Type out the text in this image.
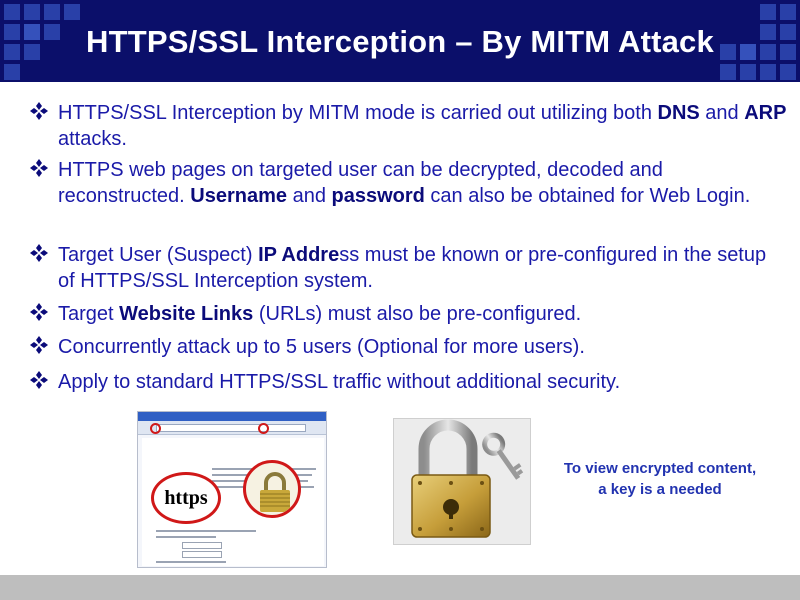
HTTPS/SSL Interception – By MITM Attack
HTTPS/SSL Interception by MITM mode is carried out utilizing both DNS and ARP attacks.
HTTPS web pages on targeted user can be decrypted, decoded and reconstructed. Username and password can also be obtained for Web Login.
Target User (Suspect) IP Address must be known or pre-configured in the setup of HTTPS/SSL Interception system.
Target Website Links (URLs) must also be pre-configured.
Concurrently attack up to 5 users (Optional for more users).
Apply to standard HTTPS/SSL traffic without additional security.
https
To view encrypted content,
a key is a needed
